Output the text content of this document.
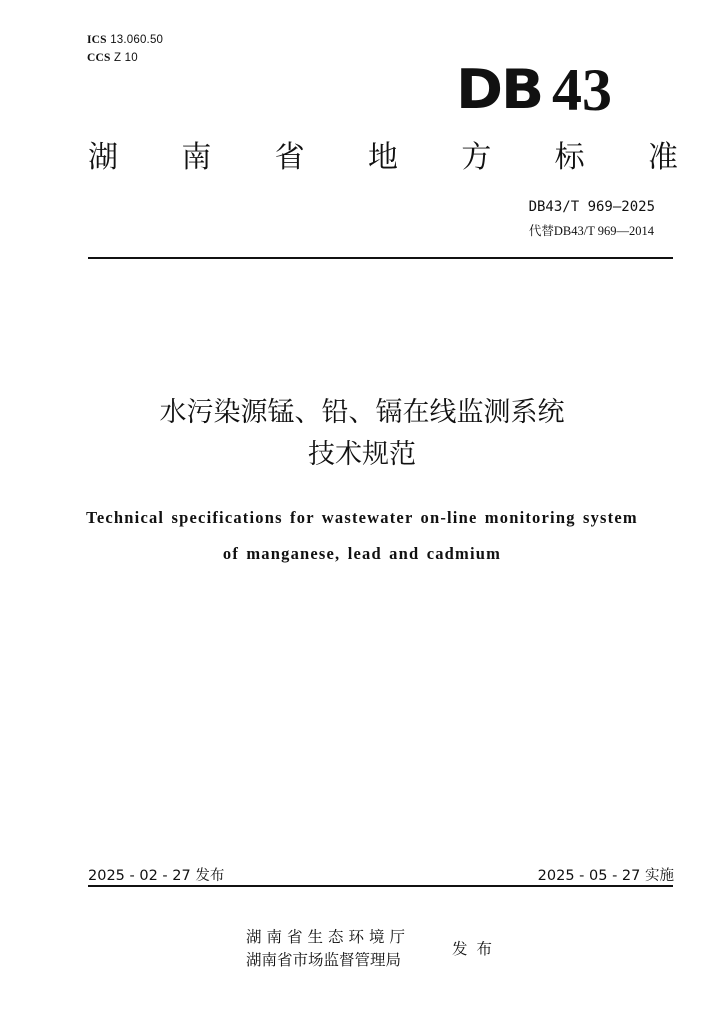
ICS 13.060.50
CCS Z 10	DB 43
湖 南 省 地 方 标 准
DB43/T 969—2025
代替DB43/T 969—2014
水污染源锰、铅、镉在线监测系统
技术规范
Technical specifications for wastewater on-line monitoring system
of manganese, lead and cadmium
2025 - 02 - 27 发布	2025 - 05 - 27 实施
湖南省生态环境厅
湖南省市场监督管理局
发布
